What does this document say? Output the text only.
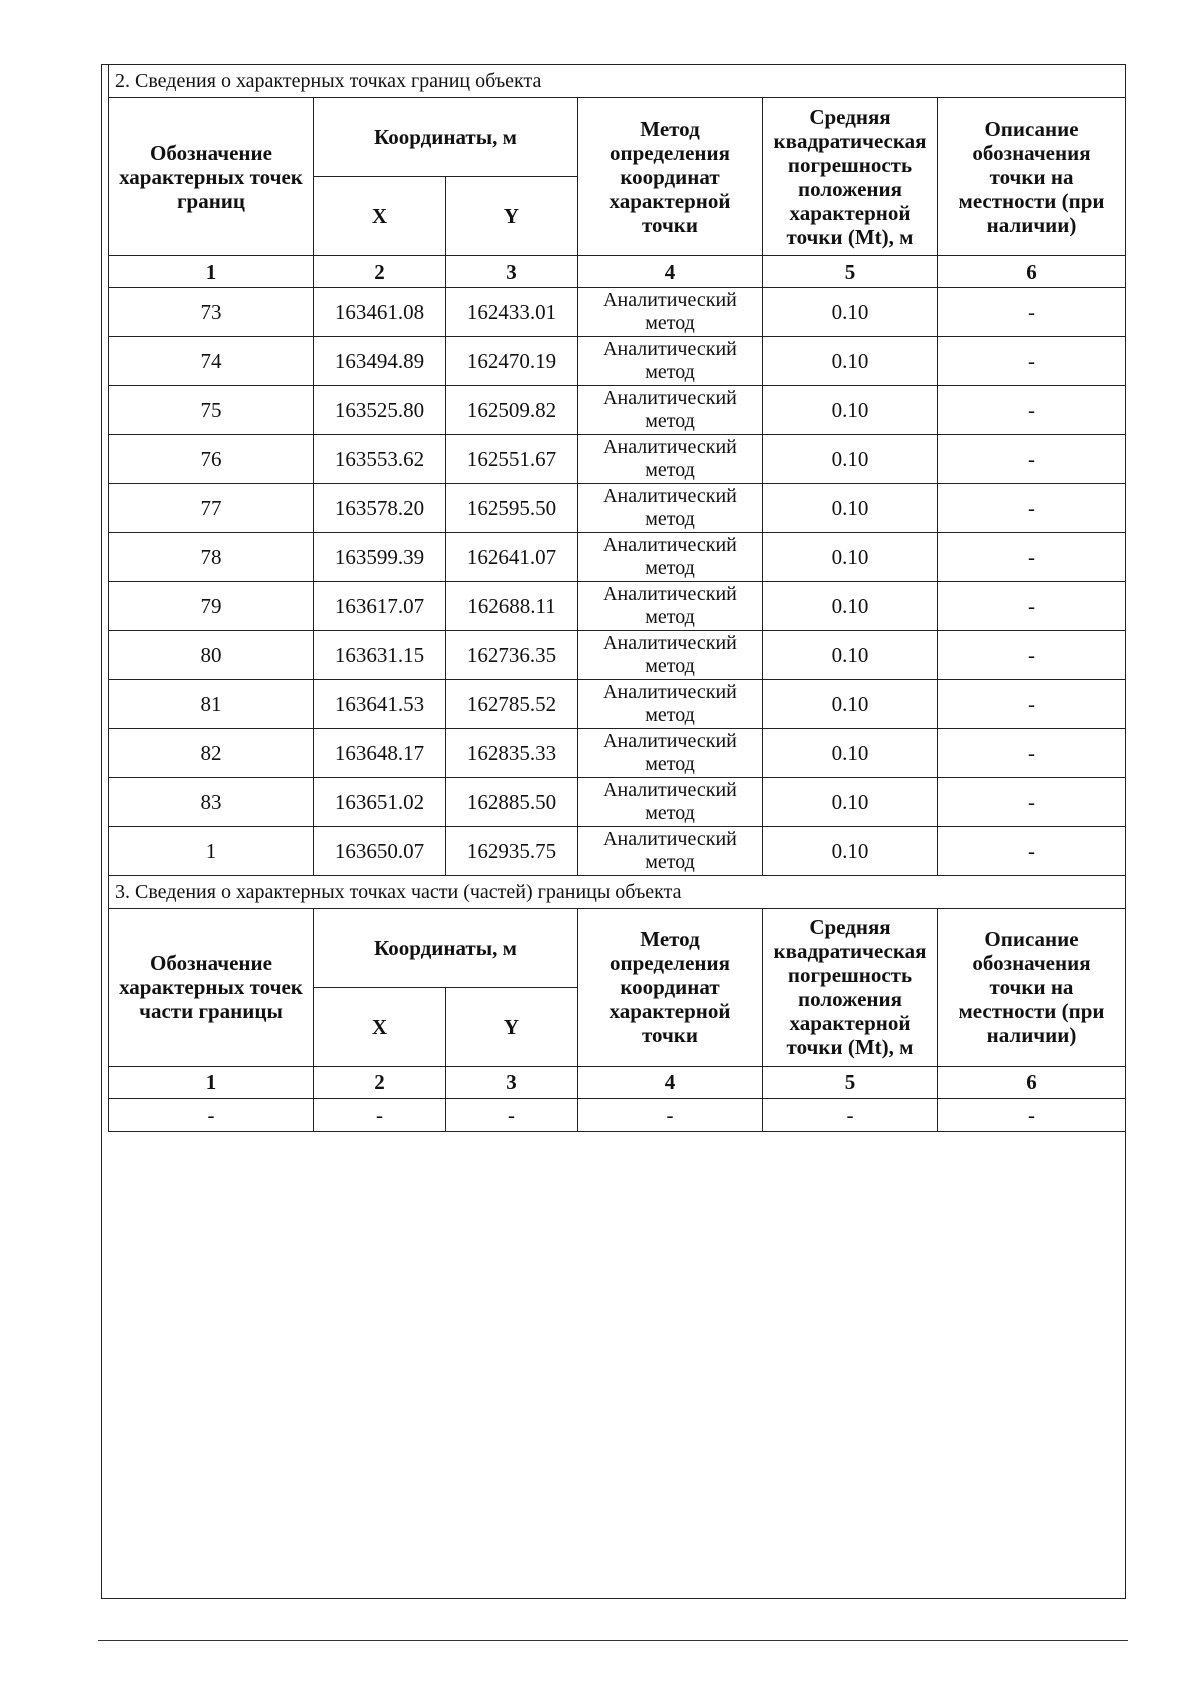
2. Сведения о характерных точках границ объекта					
Обозначение характерных точек границ	Координаты, м		Метод определения координат характерной точки	Средняя квадратическая погрешность положения характерной точки (Mt), м	Описание обозначения точки на местности (при наличии)
	X	Y			
1	2	3	4	5	6
73	163461.08	162433.01	Аналитический метод	0.10	-
74	163494.89	162470.19	Аналитический метод	0.10	-
75	163525.80	162509.82	Аналитический метод	0.10	-
76	163553.62	162551.67	Аналитический метод	0.10	-
77	163578.20	162595.50	Аналитический метод	0.10	-
78	163599.39	162641.07	Аналитический метод	0.10	-
79	163617.07	162688.11	Аналитический метод	0.10	-
80	163631.15	162736.35	Аналитический метод	0.10	-
81	163641.53	162785.52	Аналитический метод	0.10	-
82	163648.17	162835.33	Аналитический метод	0.10	-
83	163651.02	162885.50	Аналитический метод	0.10	-
1	163650.07	162935.75	Аналитический метод	0.10	-
3. Сведения о характерных точках части (частей) границы объекта					
Обозначение характерных точек части границы	Координаты, м		Метод определения координат характерной точки	Средняя квадратическая погрешность положения характерной точки (Mt), м	Описание обозначения точки на местности (при наличии)
	X	Y			
1	2	3	4	5	6
-	-	-	-	-	-
